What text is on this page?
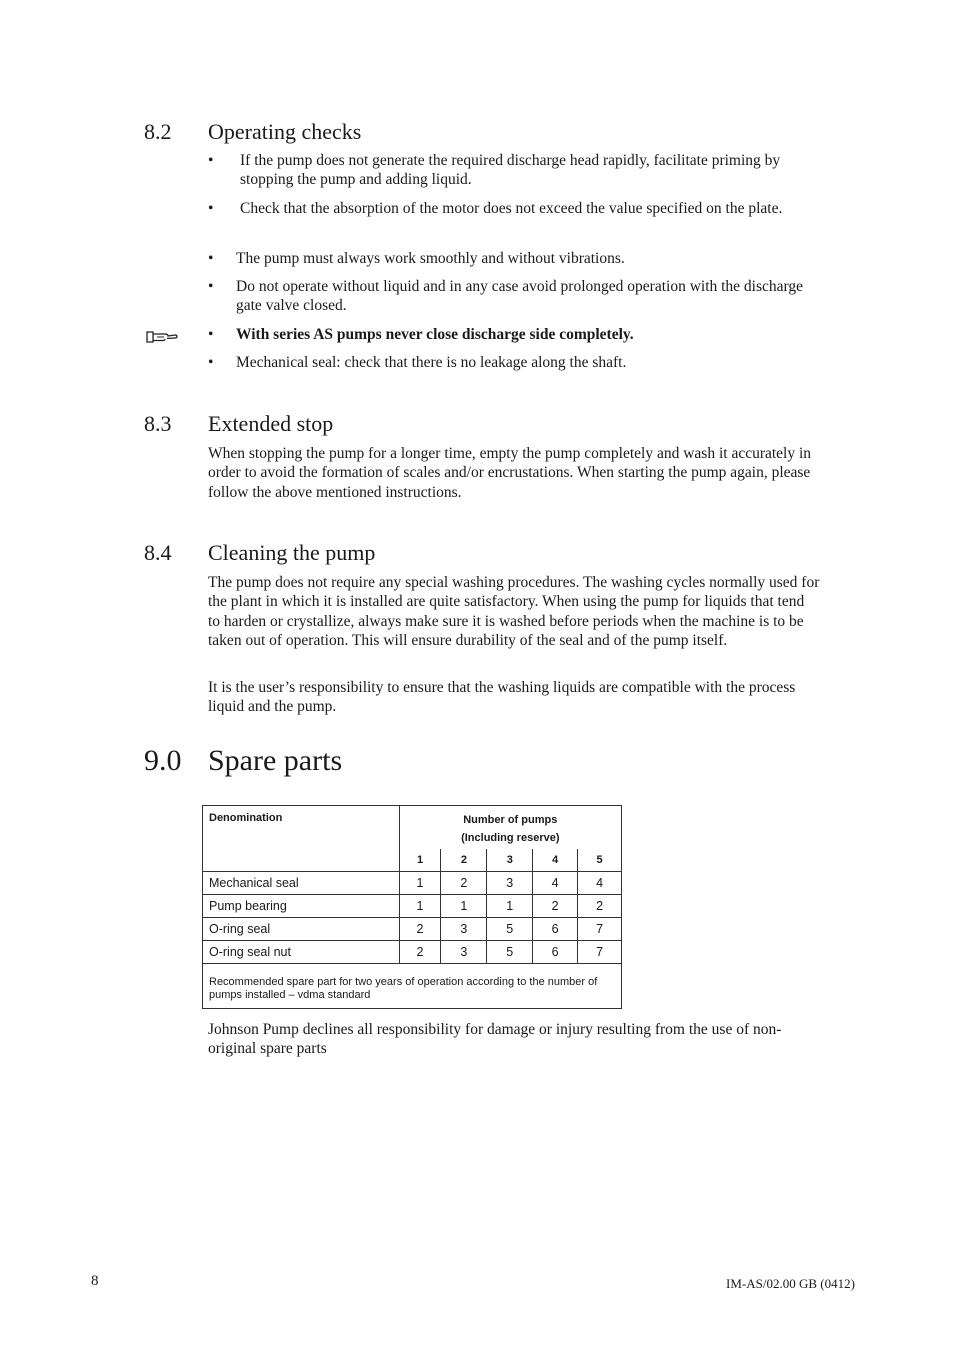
8.2 Operating checks
• If the pump does not generate the required discharge head rapidly, facilitate priming by stopping the pump and adding liquid.

• Check that the absorption of the motor does not exceed the value specified on the plate.

• The pump must always work smoothly and without vibrations.

• Do not operate without liquid and in any case avoid prolonged operation with the discharge gate valve closed.

• With series AS pumps never close discharge side completely.

• Mechanical seal: check that there is no leakage along the shaft.

8.3 Extended stop

When stopping the pump for a longer time, empty the pump completely and wash it accurately in order to avoid the formation of scales and/or encrustations. When starting the pump again, please follow the above mentioned instructions.

8.4 Cleaning the pump

The pump does not require any special washing procedures. The washing cycles normally used for the plant in which it is installed are quite satisfactory. When using the pump for liquids that tend to harden or crystallize, always make sure it is washed before periods when the machine is to be taken out of operation. This will ensure durability of the seal and of the pump itself.

It is the user’s responsibility to ensure that the washing liquids are compatible with the process liquid and the pump.

9.0 Spare parts
Denomination	Number of pumps
(Including reserve)				

	1	2	3	4	5
Mechanical seal	1	2	3	4	4
Pump bearing	1	1	1	2	2
O-ring seal	2	3	5	6	7
O-ring seal nut	2	3	5	6	7
Recommended spare part for two years of operation according to the number of pumps installed – vdma standard					

Johnson Pump declines all responsibility for damage or injury resulting from the use of non-original spare parts

8	IM-AS/02.00 GB (0412)
